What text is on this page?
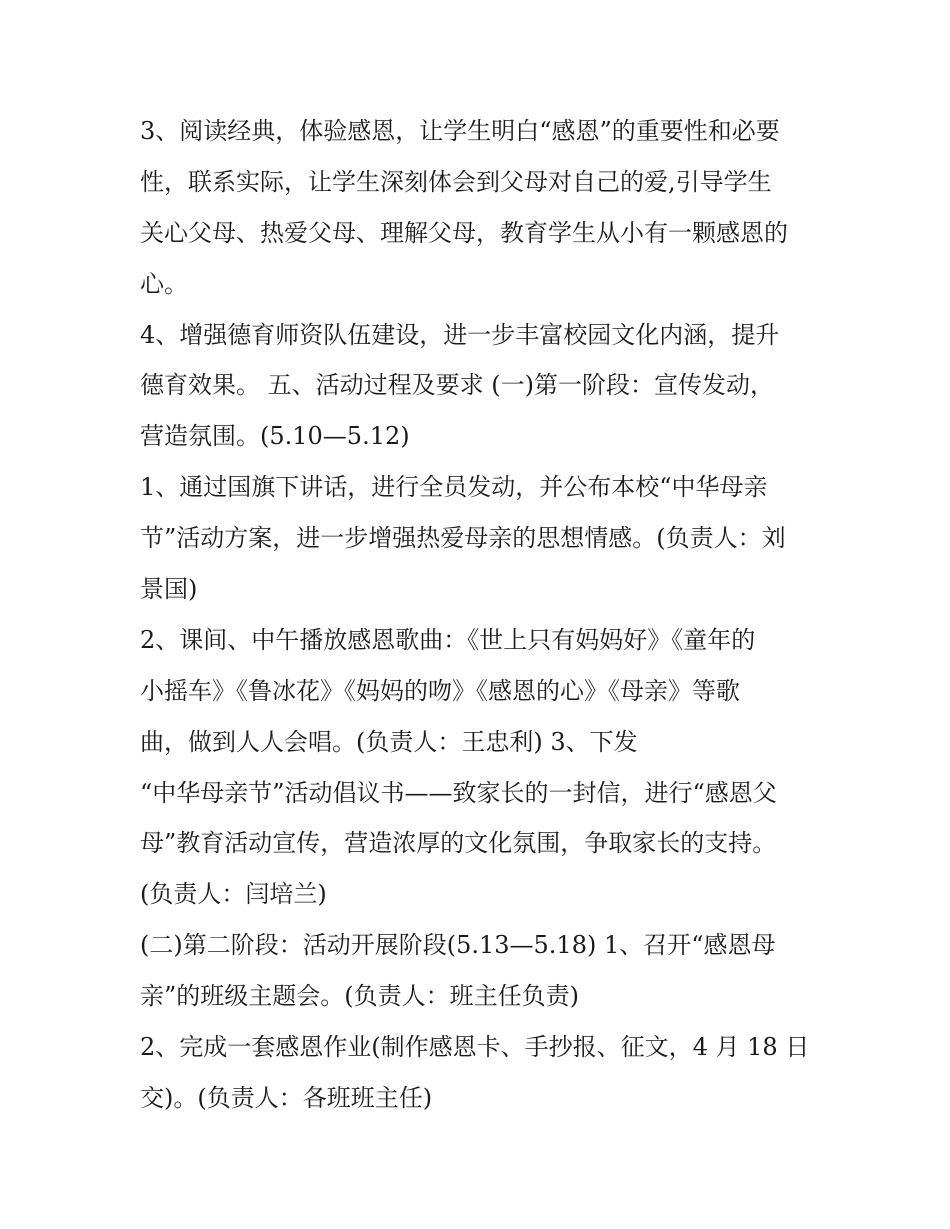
3、阅读经典，体验感恩，让学生明白“感恩”的重要性和必要
性，联系实际，让学生深刻体会到父母对自己的爱,引导学生
关心父母、热爱父母、理解父母，教育学生从小有一颗感恩的
心。
4、增强德育师资队伍建设，进一步丰富校园文化内涵，提升
德育效果。 五、活动过程及要求 (一)第一阶段：宣传发动，
营造氛围。(5.10—5.12)
1、通过国旗下讲话，进行全员发动，并公布本校“中华母亲
节”活动方案，进一步增强热爱母亲的思想情感。(负责人：刘
景国)
2、课间、中午播放感恩歌曲：《世上只有妈妈好》《童年的
小摇车》《鲁冰花》《妈妈的吻》《感恩的心》《母亲》等歌
曲，做到人人会唱。(负责人：王忠利) 3、下发
“中华母亲节”活动倡议书——致家长的一封信，进行“感恩父
母”教育活动宣传，营造浓厚的文化氛围，争取家长的支持。
(负责人：闫培兰)
(二)第二阶段：活动开展阶段(5.13—5.18) 1、召开“感恩母
亲”的班级主题会。(负责人：班主任负责)
2、完成一套感恩作业(制作感恩卡、手抄报、征文，4 月 18 日
交)。(负责人：各班班主任)
